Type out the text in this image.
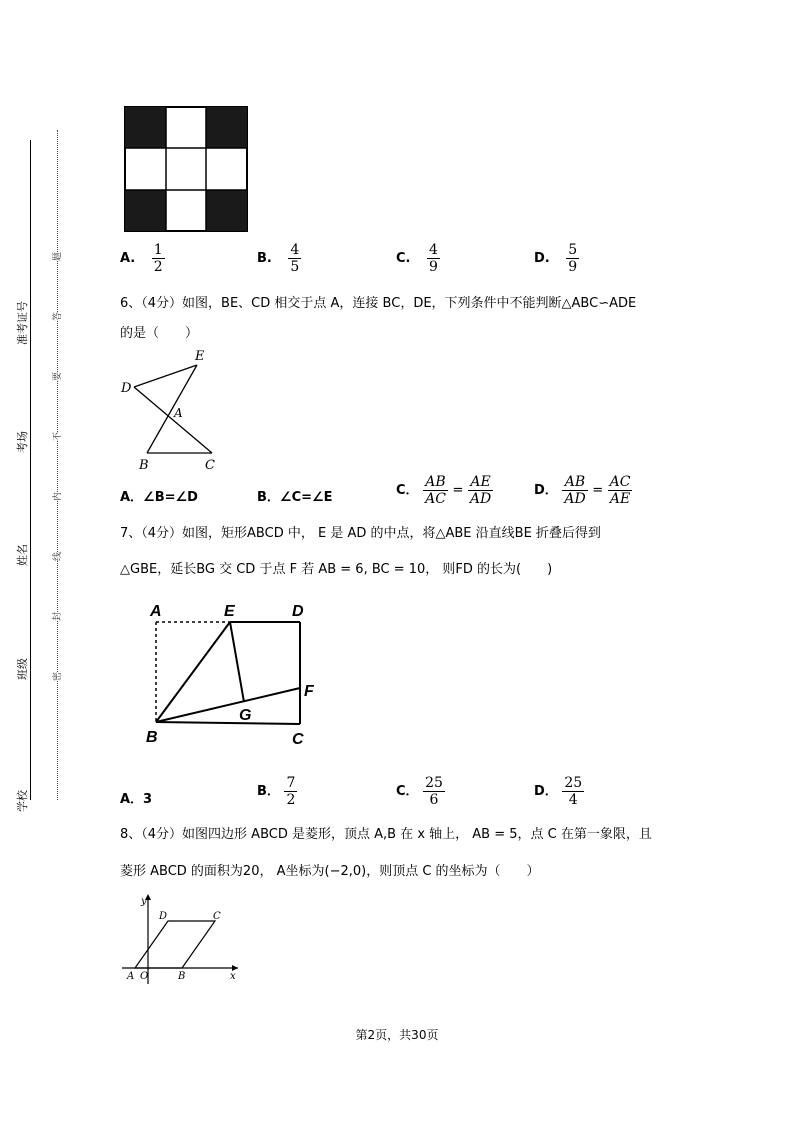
准考证号
考场
姓名
班级
学校
题
答
要
不
内
线
封
密
A. $\frac{1}{2}$	B. $\frac{4}{5}$	C. $\frac{4}{9}$	D. $\frac{5}{9}$
6、（4分）如图，BE、CD 相交于点 A，连接 BC，DE，下列条件中不能判断△ABC∽ADE
的是（　　）
D
E
A
B	C
A．∠B=∠D	B．∠C=∠E	C． $\frac{AB}{AC} = \frac{AE}{AD}$	D． $\frac{AB}{AD} = \frac{AC}{AE}$
7、（4分）如图，矩形ABCD 中， E 是 AD 的中点，将△ABE 沿直线BE 折叠后得到
△GBE，延长BG 交 CD 于点 F 若 AB = 6, BC = 10， 则FD 的长为(　　)
A	E	D
F
G
B	C
A．3
B． $\frac{7}{2}$	C． $\frac{25}{6}$	D． $\frac{25}{4}$
8、（4分）如图四边形 ABCD 是菱形，顶点 A,B 在 x 轴上， AB = 5，点 C 在第一象限，且
菱形 ABCD 的面积为20， A坐标为(−2,0)，则顶点 C 的坐标为（　　）
y
D	C
A O	B	x
第2页，共30页
